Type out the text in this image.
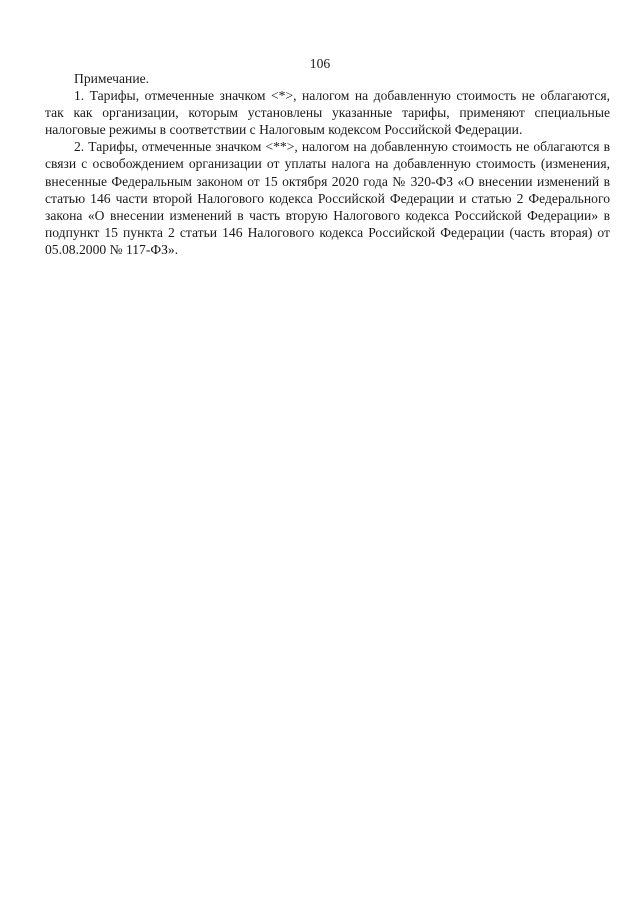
106

Примечание.

1. Тарифы, отмеченные значком <*>, налогом на добавленную стоимость не облагаются, так как организации, которым установлены указанные тарифы, применяют специальные налоговые режимы в соответствии с Налоговым кодексом Российской Федерации.

2. Тарифы, отмеченные значком <**>, налогом на добавленную стоимость не облагаются в связи с освобождением организации от уплаты налога на добавленную стоимость (изменения, внесенные Федеральным законом от 15 октября 2020 года № 320-ФЗ «О внесении изменений в статью 146 части второй Налогового кодекса Российской Федерации и статью 2 Федерального закона «О внесении изменений в часть вторую Налогового кодекса Российской Федерации» в подпункт 15 пункта 2 статьи 146 Налогового кодекса Российской Федерации (часть вторая) от 05.08.2000 № 117-ФЗ».
